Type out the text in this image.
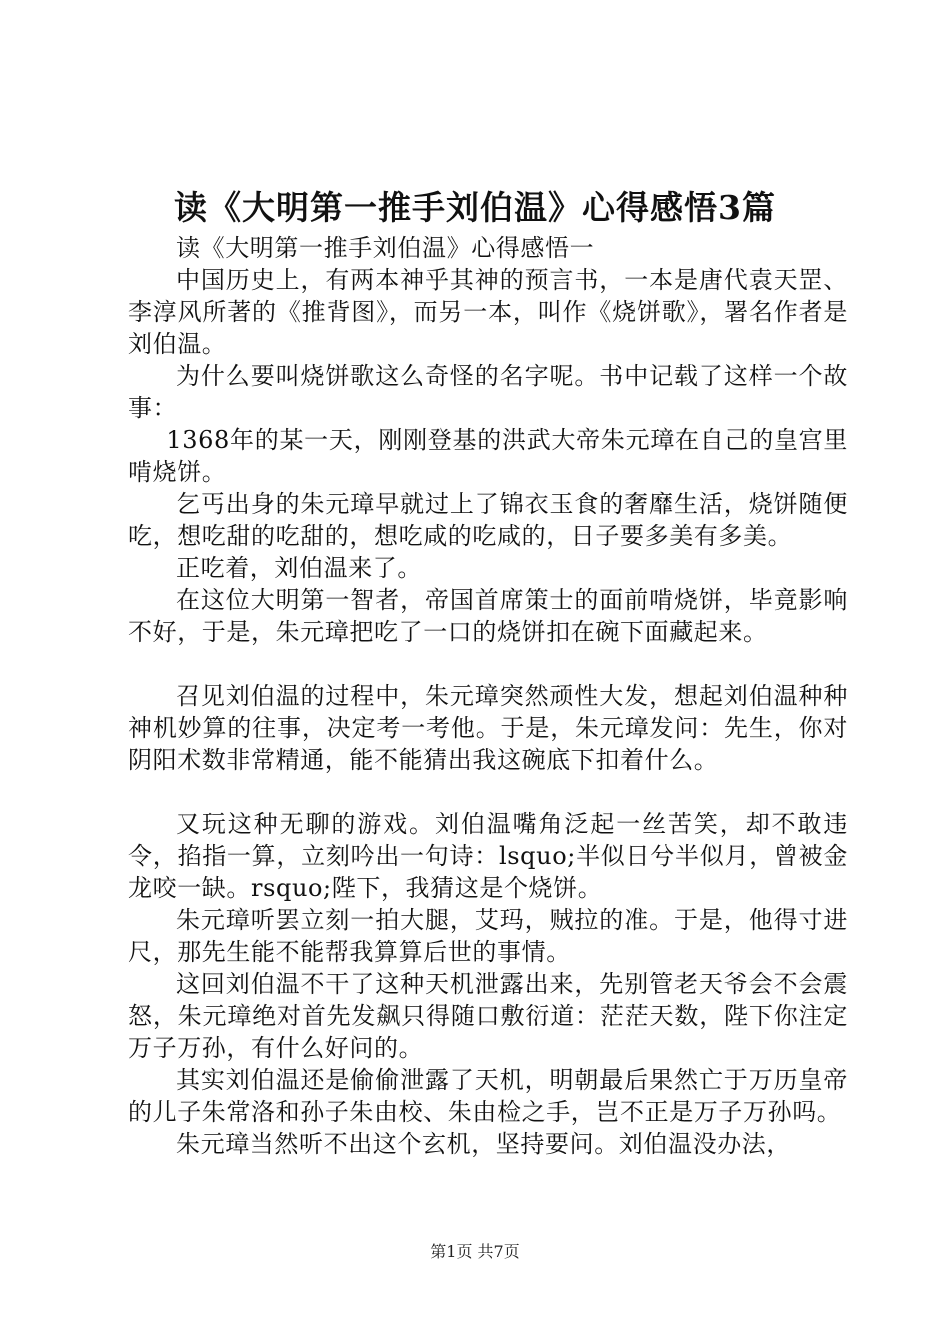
读《大明第一推手刘伯温》心得感悟3篇

读《大明第一推手刘伯温》心得感悟一

中国历史上，有两本神乎其神的预言书，一本是唐代袁天罡、李淳风所著的《推背图》，而另一本，叫作《烧饼歌》，署名作者是刘伯温。

为什么要叫烧饼歌这么奇怪的名字呢。书中记载了这样一个故事：

1368年的某一天，刚刚登基的洪武大帝朱元璋在自己的皇宫里啃烧饼。

乞丐出身的朱元璋早就过上了锦衣玉食的奢靡生活，烧饼随便吃，想吃甜的吃甜的，想吃咸的吃咸的，日子要多美有多美。

正吃着，刘伯温来了。

在这位大明第一智者，帝国首席策士的面前啃烧饼，毕竟影响不好，于是，朱元璋把吃了一口的烧饼扣在碗下面藏起来。

召见刘伯温的过程中，朱元璋突然顽性大发，想起刘伯温种种神机妙算的往事，决定考一考他。于是，朱元璋发问：先生，你对阴阳术数非常精通，能不能猜出我这碗底下扣着什么。

又玩这种无聊的游戏。刘伯温嘴角泛起一丝苦笑，却不敢违令，掐指一算，立刻吟出一句诗：lsquo;半似日兮半似月，曾被金龙咬一缺。rsquo;陛下，我猜这是个烧饼。

朱元璋听罢立刻一拍大腿，艾玛，贼拉的准。于是，他得寸进尺，那先生能不能帮我算算后世的事情。

这回刘伯温不干了这种天机泄露出来，先别管老天爷会不会震怒，朱元璋绝对首先发飙只得随口敷衍道：茫茫天数，陛下你注定万子万孙，有什么好问的。

其实刘伯温还是偷偷泄露了天机，明朝最后果然亡于万历皇帝的儿子朱常洛和孙子朱由校、朱由检之手，岂不正是万子万孙吗。

朱元璋当然听不出这个玄机，坚持要问。刘伯温没办法，

第1页 共7页
